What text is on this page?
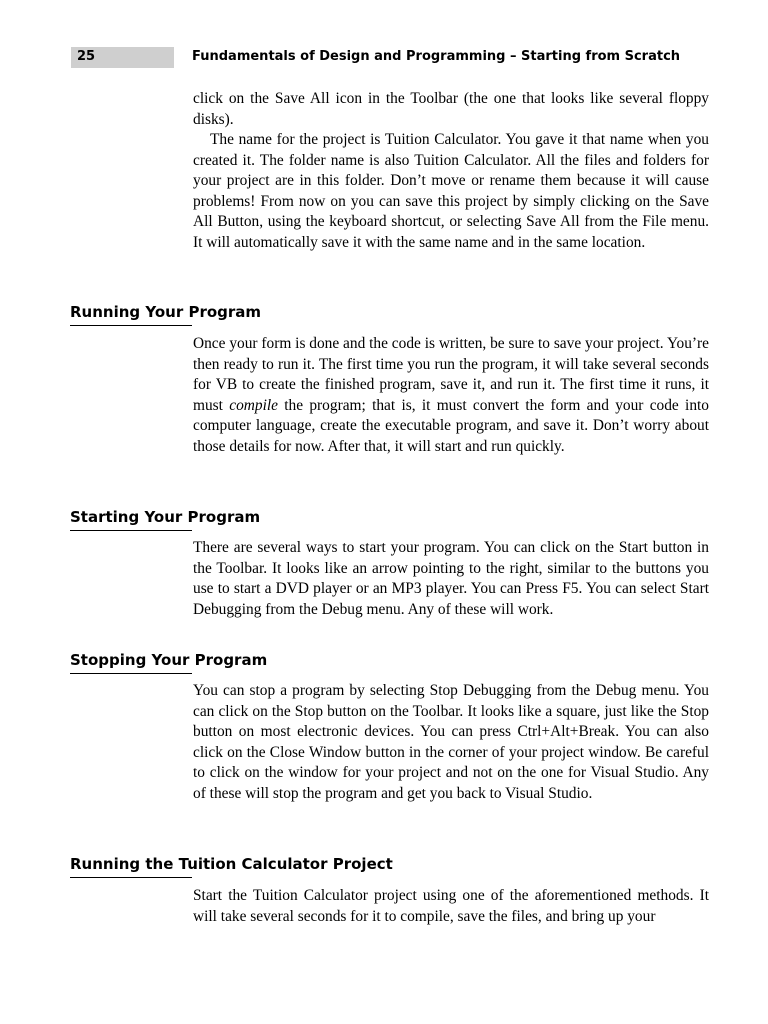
25	Fundamentals of Design and Programming – Starting from Scratch

click on the Save All icon in the Toolbar (the one that looks like several floppy disks).

The name for the project is Tuition Calculator. You gave it that name when you created it. The folder name is also Tuition Calculator. All the files and folders for your project are in this folder. Don’t move or rename them because it will cause problems! From now on you can save this project by simply clicking on the Save All Button, using the keyboard shortcut, or selecting Save All from the File menu. It will automatically save it with the same name and in the same location.

Running Your Program

Once your form is done and the code is written, be sure to save your project. You’re then ready to run it. The first time you run the program, it will take several seconds for VB to create the finished program, save it, and run it. The first time it runs, it must compile the program; that is, it must convert the form and your code into computer language, create the executable program, and save it. Don’t worry about those details for now. After that, it will start and run quickly.

Starting Your Program

There are several ways to start your program. You can click on the Start button in the Toolbar. It looks like an arrow pointing to the right, similar to the buttons you use to start a DVD player or an MP3 player. You can Press F5. You can select Start Debugging from the Debug menu. Any of these will work.

Stopping Your Program

You can stop a program by selecting Stop Debugging from the Debug menu. You can click on the Stop button on the Toolbar. It looks like a square, just like the Stop button on most electronic devices. You can press Ctrl+Alt+Break. You can also click on the Close Window button in the corner of your project window. Be careful to click on the window for your project and not on the one for Visual Studio. Any of these will stop the program and get you back to Visual Studio.

Running the Tuition Calculator Project

Start the Tuition Calculator project using one of the aforementioned methods. It will take several seconds for it to compile, save the files, and bring up your
